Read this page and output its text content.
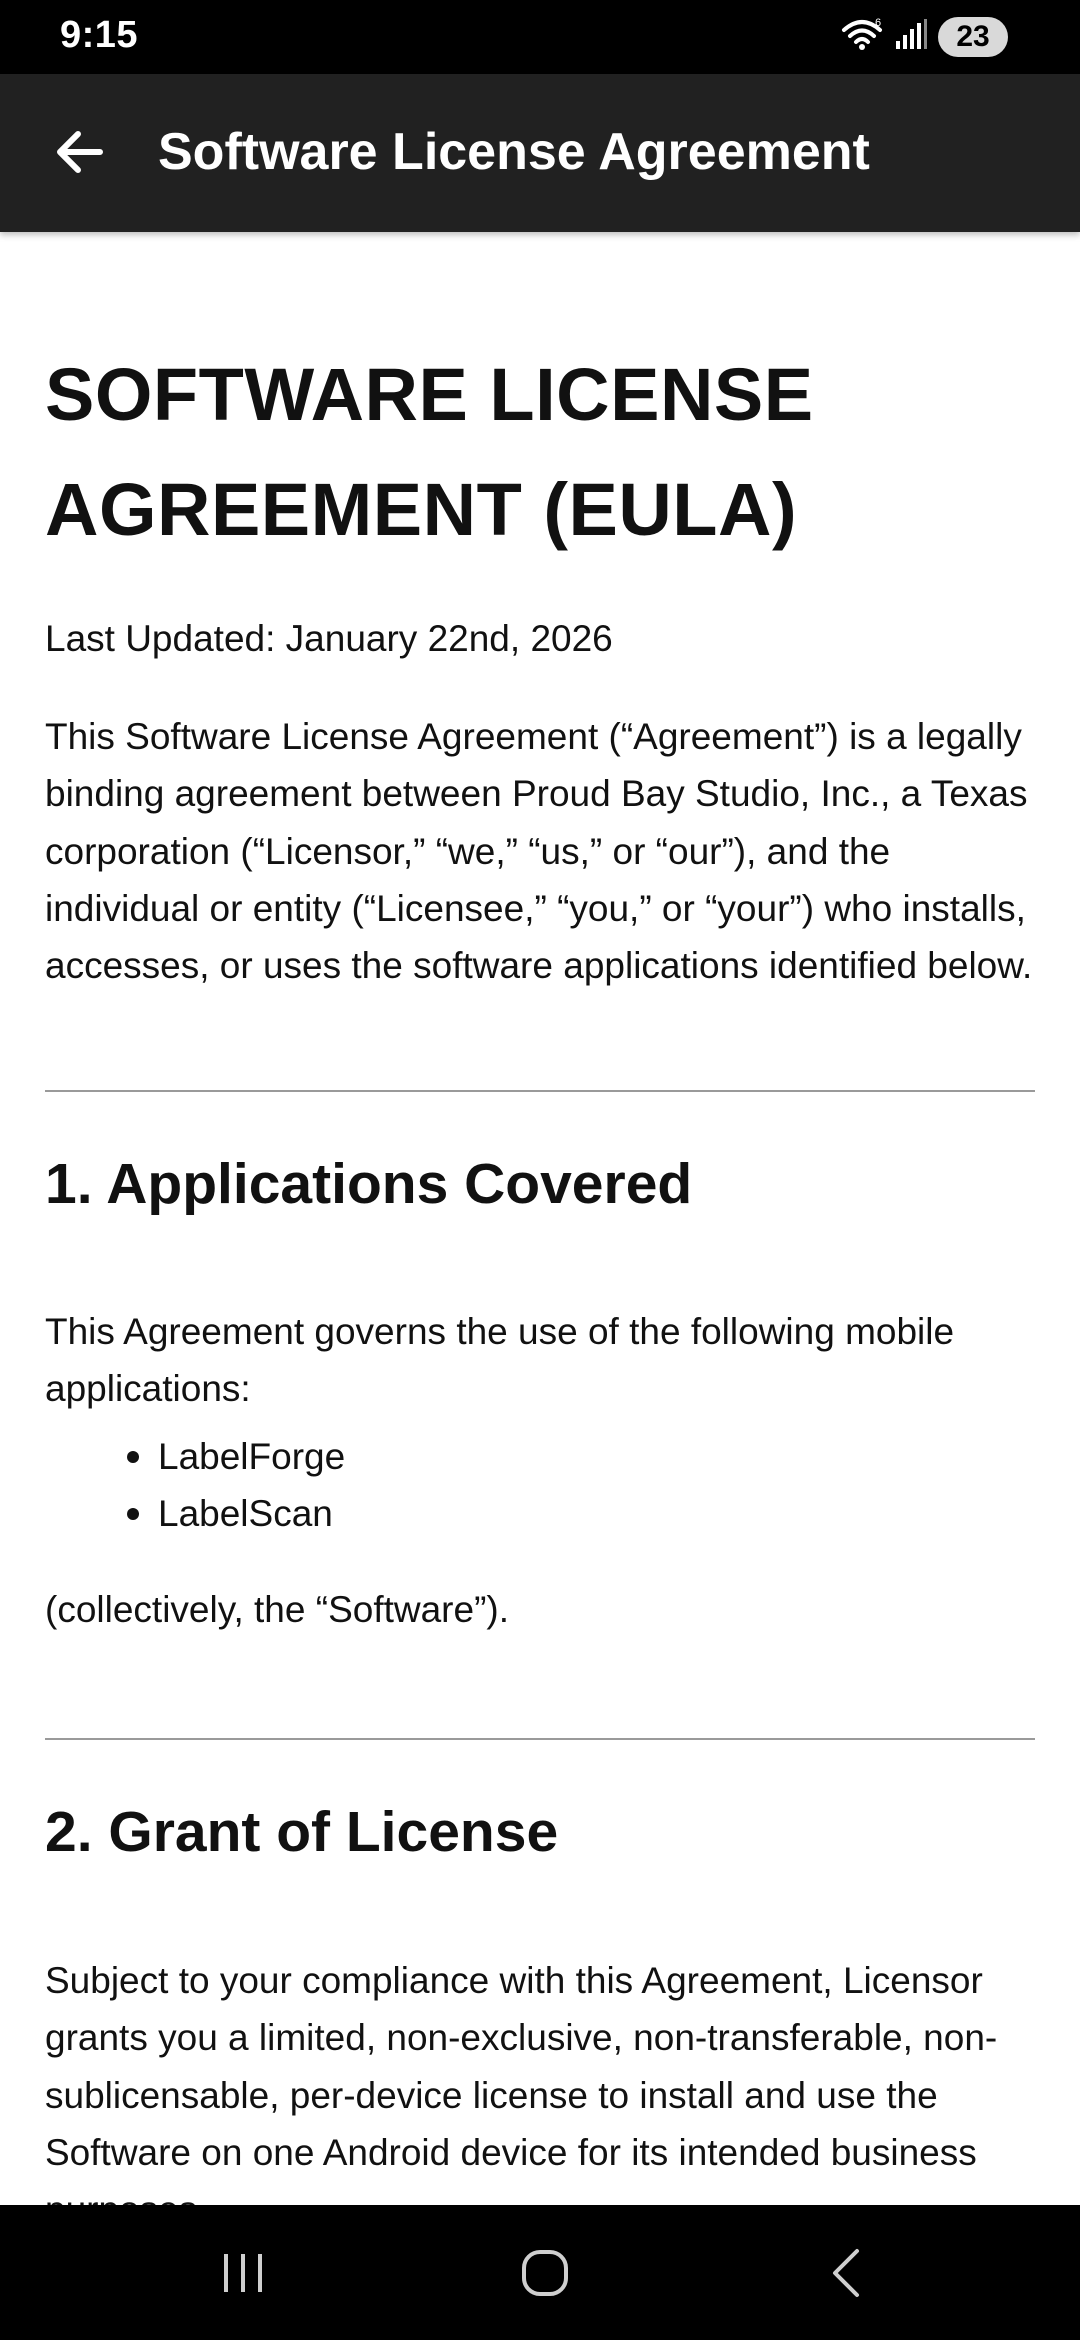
9:15	6	23
Software License Agreement
SOFTWARE LICENSE AGREEMENT (EULA)
Last Updated: January 22nd, 2026
This Software License Agreement (“Agreement”) is a legally binding agreement between Proud Bay Studio, Inc., a Texas corporation (“Licensor,” “we,” “us,” or “our”), and the individual or entity (“Licensee,” “you,” or “your”) who installs, accesses, or uses the software applications identified below.
1. Applications Covered
This Agreement governs the use of the following mobile applications:
LabelForge
LabelScan
(collectively, the “Software”).
2. Grant of License
Subject to your compliance with this Agreement, Licensor grants you a limited, non-exclusive, non-transferable, non-sublicensable, per-device license to install and use the Software on one Android device for its intended business
